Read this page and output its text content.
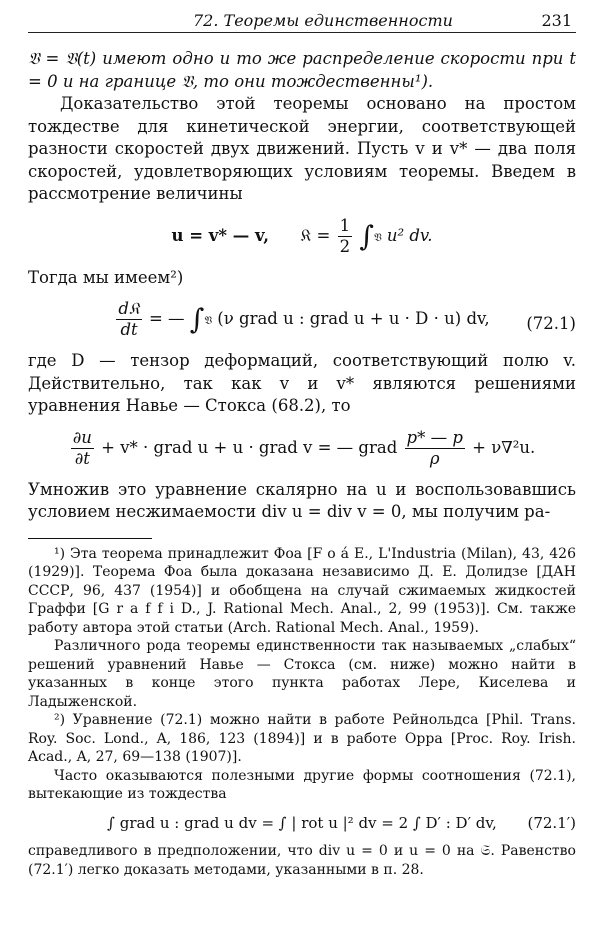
72. Теоремы единственности	231

𝔙 = 𝔙(t) имеют одно и то же распределение скорости при t = 0 и на границе 𝔙, то они тождественны¹).

Доказательство этой теоремы основано на простом тождестве для кинетической энергии, соответствующей разности скоростей двух движений. Пусть v и v* — два поля скоростей, удовлетворяющих условиям теоремы. Введем в рассмотрение величины

u = v* — v, 𝔎 = $\frac{1}{2}$ ∫𝔙 u² dv.

Тогда мы имеем²)

$\frac{\text{d𝔎}}{dt}$ = — ∫𝔙 (ν grad u : grad u + u · D · u) dv, (72.1)

где D — тензор деформаций, соответствующий полю v. Действительно, так как v и v* являются решениями уравнения Навье — Стокса (68.2), то

$\frac{\partial u}{\partial t} + v*$ · grad u + u · grad v = — grad $\frac{p* — p}{\rho} + \nu\nabla^2u$.

Умножив это уравнение скалярно на u и воспользовавшись условием несжимаемости div u = div v = 0, мы получим ра-

¹) Эта теорема принадлежит Фоа [F o á E., L'Industria (Milan), 43, 426 (1929)]. Теорема Фоа была доказана независимо Д. Е. Долидзе [ДАН СССР, 96, 437 (1954)] и обобщена на случай сжимаемых жидкостей Граффи [G r a f f i D., J. Rational Mech. Anal., 2, 99 (1953)]. См. также работу автора этой статьи (Arch. Rational Mech. Anal., 1959).

Различного рода теоремы единственности так называемых „слабых“ решений уравнений Навье — Стокса (см. ниже) можно найти в указанных в конце этого пункта работах Лере, Киселева и Ладыженской.

²) Уравнение (72.1) можно найти в работе Рейнольдса [Phil. Trans. Roy. Soc. Lond., A, 186, 123 (1894)] и в работе Орра [Proc. Roy. Irish. Acad., A, 27, 69—138 (1907)].

Часто оказываются полезными другие формы соотношения (72.1), вытекающие из тождества

∫ grad u : grad u dv = ∫ | rot u |² dv = 2 ∫ D′ : D′ dv, (72.1′)

справедливого в предположении, что div u = 0 и u = 0 на 𝔖. Равенство (72.1′) легко доказать методами, указанными в п. 28.
